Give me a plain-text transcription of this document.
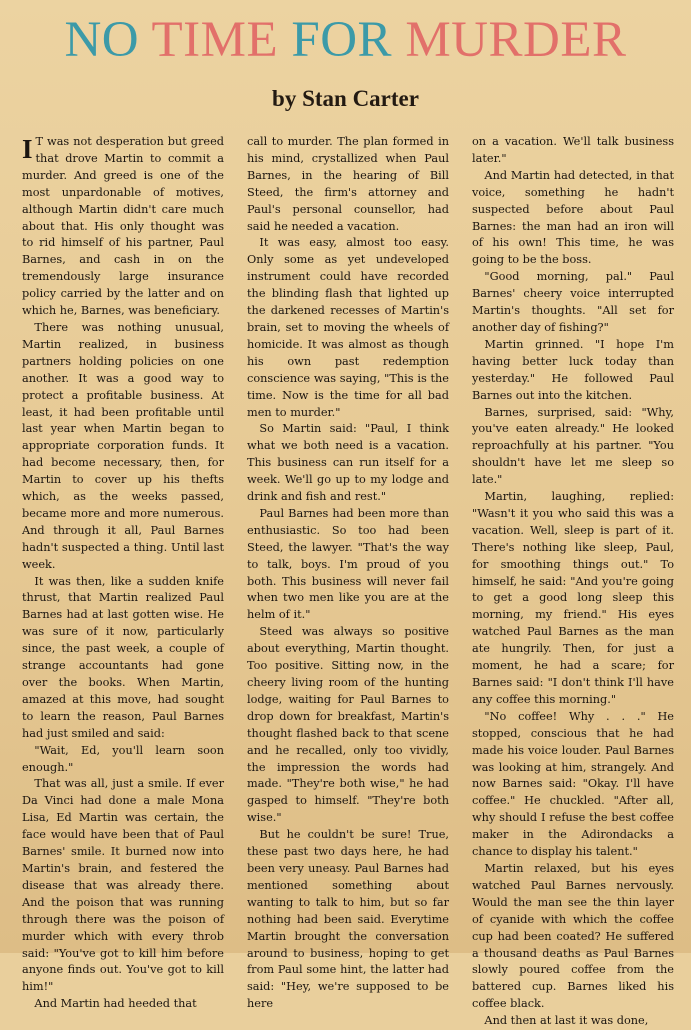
NO TIME FOR MURDER
by Stan Carter

I T was not desperation but greed that drove Martin to commit a murder. And greed is one of the most unpardonable of motives, although Martin didn't care much about that. His only thought was to rid himself of his partner, Paul Barnes, and cash in on the tremendously large insurance policy carried by the latter and on which he, Barnes, was beneficiary.

There was nothing unusual, Martin realized, in business partners holding policies on one another. It was a good way to protect a profitable business. At least, it had been profitable until last year when Martin began to appropriate corporation funds. It had become necessary, then, for Martin to cover up his thefts which, as the weeks passed, became more and more numerous. And through it all, Paul Barnes hadn't suspected a thing. Until last week.

It was then, like a sudden knife thrust, that Martin realized Paul Barnes had at last gotten wise. He was sure of it now, particularly since, the past week, a couple of strange accountants had gone over the books. When Martin, amazed at this move, had sought to learn the reason, Paul Barnes had just smiled and said:

"Wait, Ed, you'll learn soon enough."

That was all, just a smile. If ever Da Vinci had done a male Mona Lisa, Ed Martin was certain, the face would have been that of Paul Barnes' smile. It burned now into Martin's brain, and festered the disease that was already there. And the poison that was running through there was the poison of murder which with every throb said: "You've got to kill him before anyone finds out. You've got to kill him!"

And Martin had heeded that

call to murder. The plan formed in his mind, crystallized when Paul Barnes, in the hearing of Bill Steed, the firm's attorney and Paul's personal counsellor, had said he needed a vacation.

It was easy, almost too easy. Only some as yet undeveloped instrument could have recorded the blinding flash that lighted up the darkened recesses of Martin's brain, set to moving the wheels of homicide. It was almost as though his own past redemption conscience was saying, "This is the time. Now is the time for all bad men to murder."

So Martin said: "Paul, I think what we both need is a vacation. This business can run itself for a week. We'll go up to my lodge and drink and fish and rest."

Paul Barnes had been more than enthusiastic. So too had been Steed, the lawyer. "That's the way to talk, boys. I'm proud of you both. This business will never fail when two men like you are at the helm of it."

Steed was always so positive about everything, Martin thought. Too positive. Sitting now, in the cheery living room of the hunting lodge, waiting for Paul Barnes to drop down for breakfast, Martin's thought flashed back to that scene and he recalled, only too vividly, the impression the words had made. "They're both wise," he had gasped to himself. "They're both wise."

But he couldn't be sure! True, these past two days here, he had been very uneasy. Paul Barnes had mentioned something about wanting to talk to him, but so far nothing had been said. Everytime Martin brought the conversation around to business, hoping to get from Paul some hint, the latter had said: "Hey, we're supposed to be here

on a vacation. We'll talk business later."

And Martin had detected, in that voice, something he hadn't suspected before about Paul Barnes: the man had an iron will of his own! This time, he was going to be the boss.

"Good morning, pal." Paul Barnes' cheery voice interrupted Martin's thoughts. "All set for another day of fishing?"

Martin grinned. "I hope I'm having better luck today than yesterday." He followed Paul Barnes out into the kitchen.

Barnes, surprised, said: "Why, you've eaten already." He looked reproachfully at his partner. "You shouldn't have let me sleep so late."

Martin, laughing, replied: "Wasn't it you who said this was a vacation. Well, sleep is part of it. There's nothing like sleep, Paul, for smoothing things out." To himself, he said: "And you're going to get a good long sleep this morning, my friend." His eyes watched Paul Barnes as the man ate hungrily. Then, for just a moment, he had a scare; for Barnes said: "I don't think I'll have any coffee this morning."

"No coffee! Why . . ." He stopped, conscious that he had made his voice louder. Paul Barnes was looking at him, strangely. And now Barnes said: "Okay. I'll have coffee." He chuckled. "After all, why should I refuse the best coffee maker in the Adirondacks a chance to display his talent."

Martin relaxed, but his eyes watched Paul Barnes nervously. Would the man see the thin layer of cyanide with which the coffee cup had been coated? He suffered a thousand deaths as Paul Barnes slowly poured coffee from the battered cup. Barnes liked his coffee black.

And then at last it was done,
